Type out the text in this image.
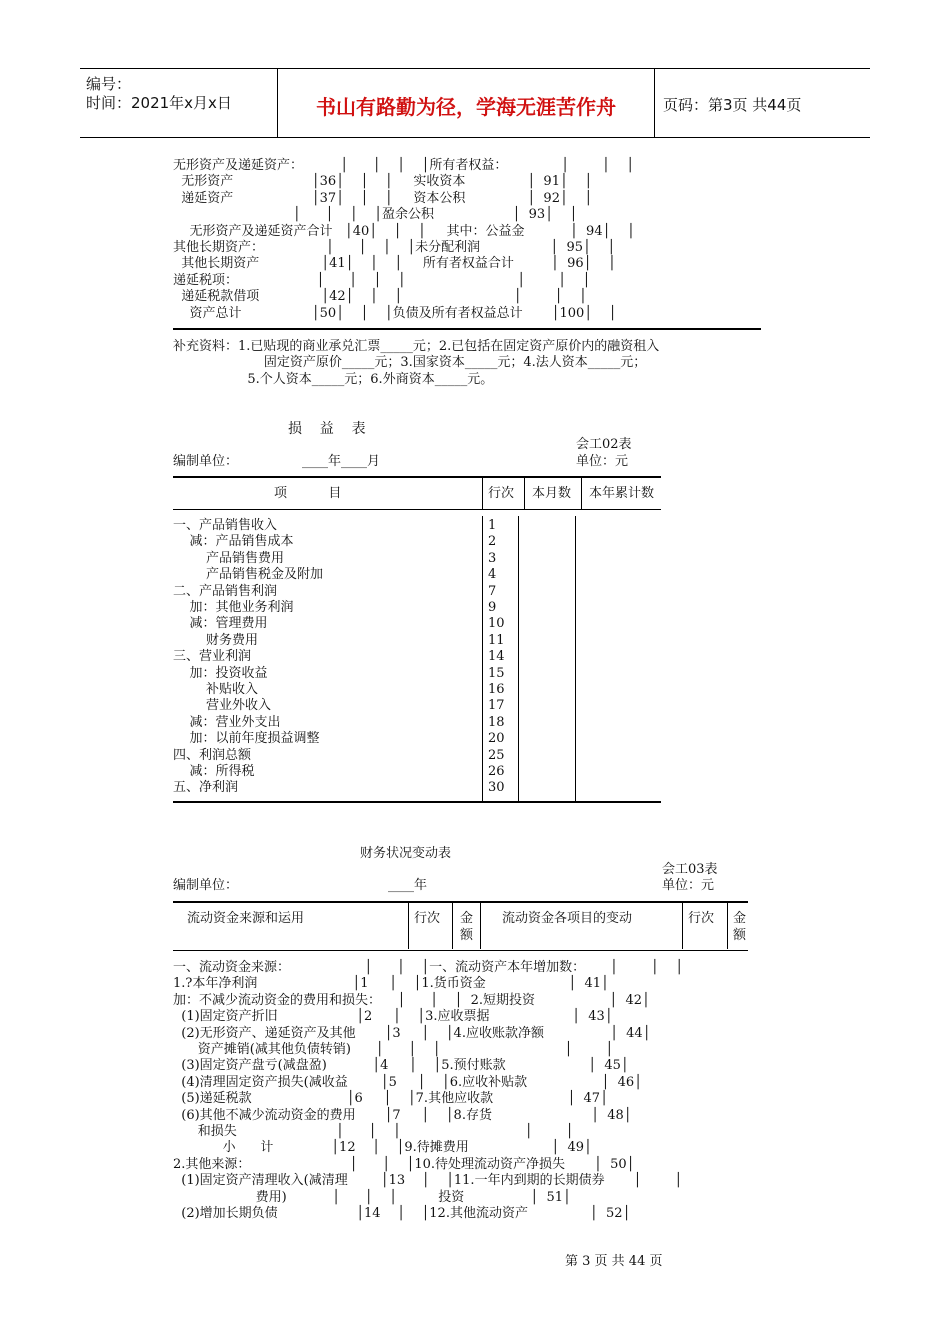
编号：
时间：2021年x月x日	书山有路勤为径，学海无涯苦作舟	页码：第3页 共44页
无形资产及递延资产：         │      │    │    │所有者权益：             │        │    │
无形资产                   │36│    │    │     实收资本               │  91│    │
递延资产                   │37│    │    │     资本公积               │  92│    │
│      │    │    │盈余公积                   │  93│    │
无形资产及递延资产合计   │40│    │    │     其中：公益金           │  94│    │
其他长期资产：               │      │    │    │未分配利润                 │  95│    │
其他长期资产               │41│    │    │     所有者权益合计         │  96│    │
递延税项：                   │      │    │    │                           │        │    │
递延税款借项               │42│    │    │                           │        │    │
资产总计                 │50│    │    │负债及所有者权益总计       │100│    │
补充资料：1.已贴现的商业承兑汇票_____元；2.已包括在固定资产原价内的融资租入
固定资产原价_____元；3.国家资本_____元；4.法人资本_____元；
5.个人资本_____元；6.外商资本_____元。
损    益    表
会工02表
编制单位：	____年____月	单位：元
项          目	行次 本月数 本年累计数
一、产品销售收入	1
减：产品销售成本	2
产品销售费用	3
产品销售税金及附加	4
二、产品销售利润	7
加：其他业务利润	9
减：管理费用	10
财务费用	11
三、营业利润	14
加：投资收益	15
补贴收入	16
营业外收入	17
减：营业外支出	18
加：以前年度损益调整	20
四、利润总额	25
减：所得税	26
五、净利润	30
财务状况变动表
会工03表
编制单位：	____年	单位：元
流动资金来源和运用	行次 金
额
流动资金各项目的变动	行次 金
额
一、流动资金来源：                  │      │    │一、流动资产本年增加数：      │        │    │
1.?本年净利润                       │1     │    │1.货币资金                    │  41│
加：不减少流动资金的费用和损失：    │      │    │  2.短期投资                  │  42│
(1)固定资产折旧                   │2     │    │3.应收票据                    │  43│
(2)无形资产、递延资产及其他       │3     │    │4.应收账款净额                │  44│
资产摊销(减其他负债转销)      │      │    │                              │        │
(3)固定资产盘亏(减盘盈)           │4     │    │5.预付账款                    │  45│
(4)清理固定资产损失(减收益        │5     │    │6.应收补贴款                  │  46│
(5)递延税款                       │6     │    │7.其他应收款                  │  47│
(6)其他不减少流动资金的费用       │7     │    │8.存货                        │  48│
和损失                        │      │    │                              │        │
小      计              │12    │    │9.待摊费用                    │  49│
2.其他来源：                        │      │    │10.待处理流动资产净损失       │  50│
(1)固定资产清理收入(减清理        │13    │    │11.一年内到期的长期债券       │        │
费用)           │      │    │          投资                │  51│
(2)增加长期负债                   │14    │    │12.其他流动资产               │  52│
第 3 页 共 44 页
